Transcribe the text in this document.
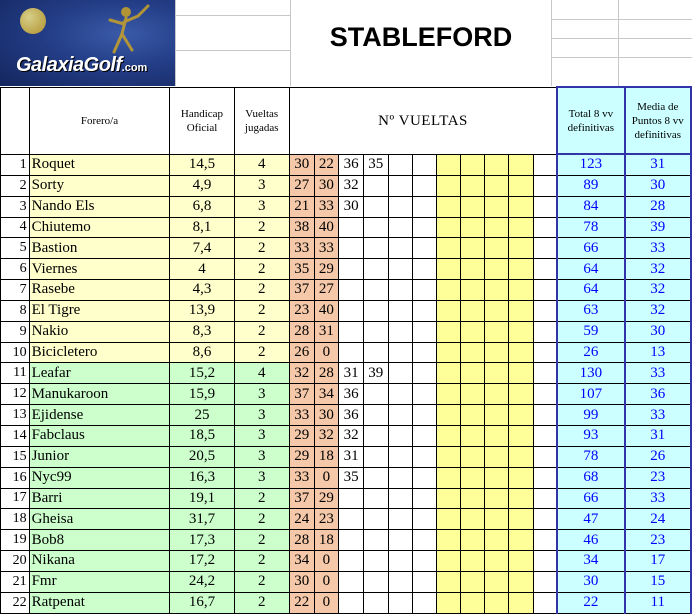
GalaxiaGolf.com
STABLEFORD
	Forero/a	Handicap Oficial	Vueltas jugadas	Nº VUELTAS											Total 8 vv definitivas	Media de Puntos 8 vv definitivas
1	Roquet	14,5	4	30	22	36	35								123	31
2	Sorty	4,9	3	27	30	32									89	30
3	Nando Els	6,8	3	21	33	30									84	28
4	Chiutemo	8,1	2	38	40										78	39
5	Bastion	7,4	2	33	33										66	33
6	Viernes	4	2	35	29										64	32
7	Rasebe	4,3	2	37	27										64	32
8	El Tigre	13,9	2	23	40										63	32
9	Nakio	8,3	2	28	31										59	30
10	Bicicletero	8,6	2	26	0										26	13
11	Leafar	15,2	4	32	28	31	39								130	33
12	Manukaroon	15,9	3	37	34	36									107	36
13	Ejidense	25	3	33	30	36									99	33
14	Fabclaus	18,5	3	29	32	32									93	31
15	Junior	20,5	3	29	18	31									78	26
16	Nyc99	16,3	3	33	0	35									68	23
17	Barri	19,1	2	37	29										66	33
18	Gheisa	31,7	2	24	23										47	24
19	Bob8	17,3	2	28	18										46	23
20	Nikana	17,2	2	34	0										34	17
21	Fmr	24,2	2	30	0										30	15
22	Ratpenat	16,7	2	22	0										22	11
